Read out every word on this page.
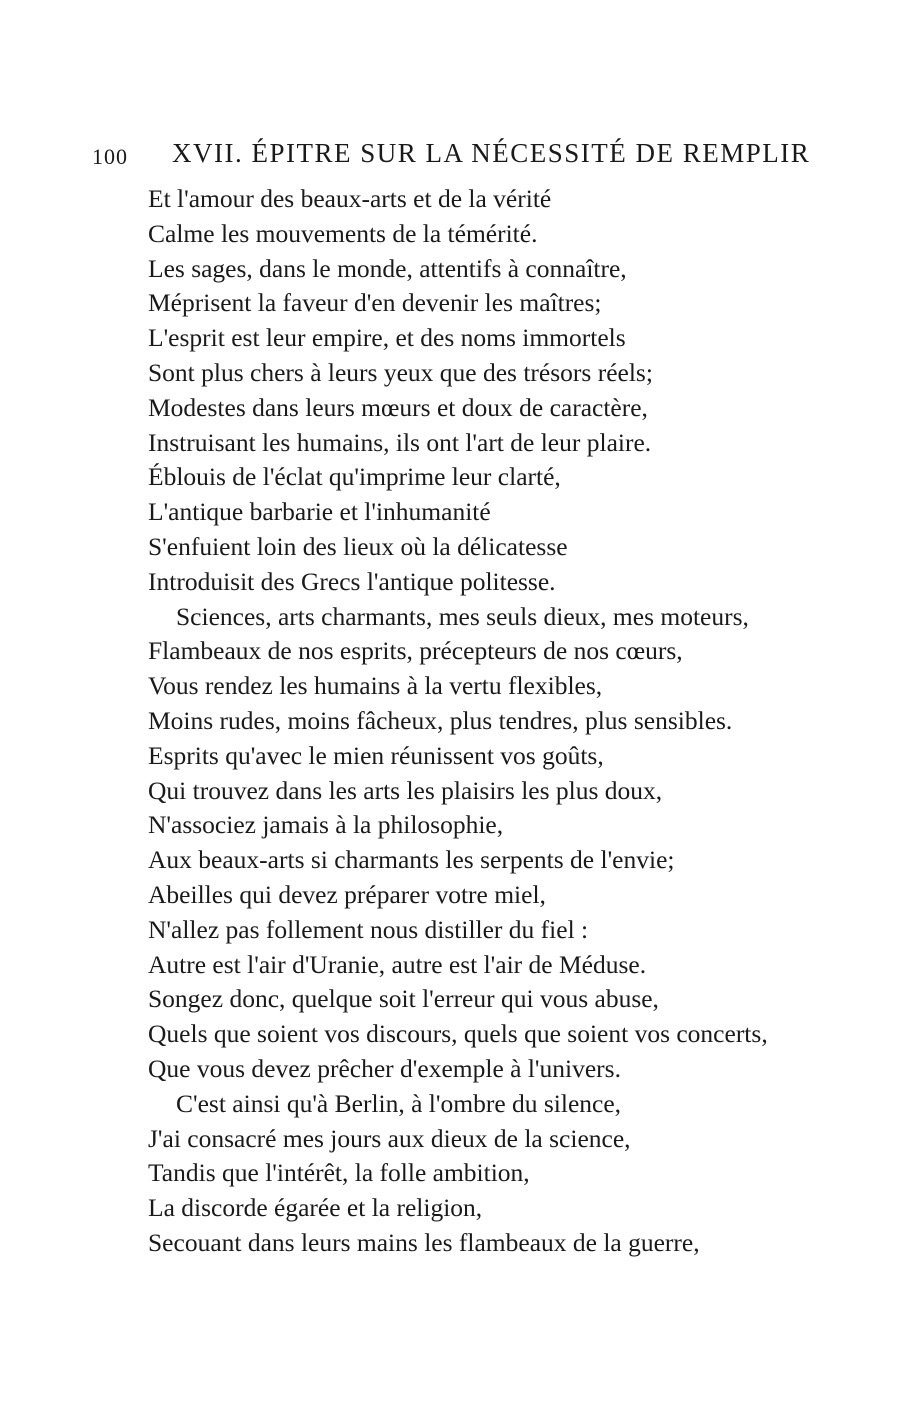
100 XVII. ÉPITRE SUR LA NÉCESSITÉ DE REMPLIR
Et l'amour des beaux-arts et de la vérité
Calme les mouvements de la témérité.
Les sages, dans le monde, attentifs à connaître,
Méprisent la faveur d'en devenir les maîtres;
L'esprit est leur empire, et des noms immortels
Sont plus chers à leurs yeux que des trésors réels;
Modestes dans leurs mœurs et doux de caractère,
Instruisant les humains, ils ont l'art de leur plaire.
Éblouis de l'éclat qu'imprime leur clarté,
L'antique barbarie et l'inhumanité
S'enfuient loin des lieux où la délicatesse
Introduisit des Grecs l'antique politesse.
Sciences, arts charmants, mes seuls dieux, mes moteurs,
Flambeaux de nos esprits, précepteurs de nos cœurs,
Vous rendez les humains à la vertu flexibles,
Moins rudes, moins fâcheux, plus tendres, plus sensibles.
Esprits qu'avec le mien réunissent vos goûts,
Qui trouvez dans les arts les plaisirs les plus doux,
N'associez jamais à la philosophie,
Aux beaux-arts si charmants les serpents de l'envie;
Abeilles qui devez préparer votre miel,
N'allez pas follement nous distiller du fiel :
Autre est l'air d'Uranie, autre est l'air de Méduse.
Songez donc, quelque soit l'erreur qui vous abuse,
Quels que soient vos discours, quels que soient vos concerts,
Que vous devez prêcher d'exemple à l'univers.
C'est ainsi qu'à Berlin, à l'ombre du silence,
J'ai consacré mes jours aux dieux de la science,
Tandis que l'intérêt, la folle ambition,
La discorde égarée et la religion,
Secouant dans leurs mains les flambeaux de la guerre,
